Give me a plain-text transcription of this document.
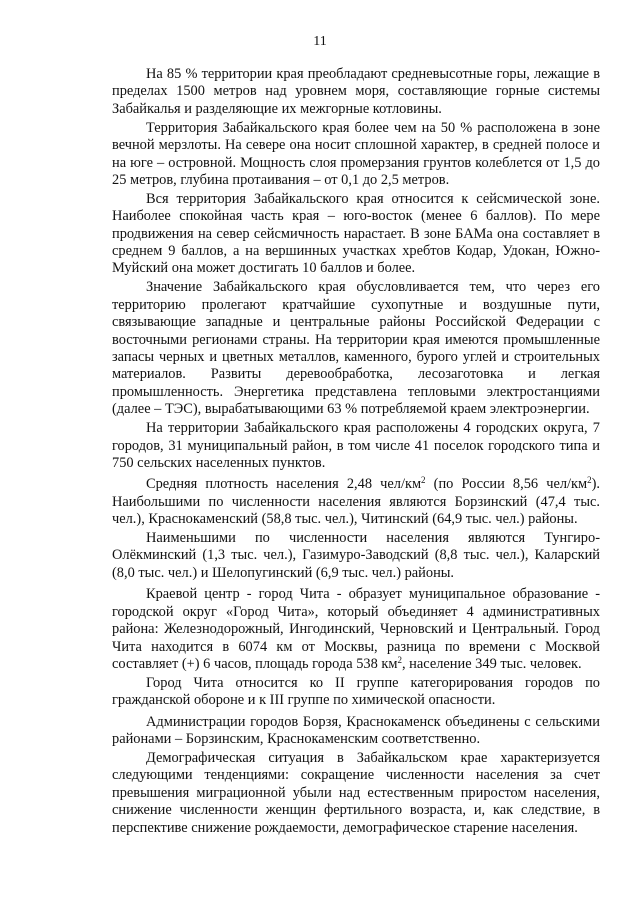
11

На 85 % территории края преобладают средневысотные горы, лежащие в пределах 1500 метров над уровнем моря, составляющие горные системы Забайкалья и разделяющие их межгорные котловины.

Территория Забайкальского края более чем на 50 % расположена в зоне вечной мерзлоты. На севере она носит сплошной характер, в средней полосе и на юге – островной. Мощность слоя промерзания грунтов колеблется от 1,5 до 25 метров, глубина протаивания – от 0,1 до 2,5 метров.

Вся территория Забайкальского края относится к сейсмической зоне. Наиболее спокойная часть края – юго-восток (менее 6 баллов). По мере продвижения на север сейсмичность нарастает. В зоне БАМа она составляет в среднем 9 баллов, а на вершинных участках хребтов Кодар, Удокан, Южно-Муйский она может достигать 10 баллов и более.

Значение Забайкальского края обусловливается тем, что через его территорию пролегают кратчайшие сухопутные и воздушные пути, связывающие западные и центральные районы Российской Федерации с восточными регионами страны. На территории края имеются промышленные запасы черных и цветных металлов, каменного, бурого углей и строительных материалов. Развиты деревообработка, лесозаготовка и легкая промышленность. Энергетика представлена тепловыми электростанциями (далее – ТЭС), вырабатывающими 63 % потребляемой краем электроэнергии.

На территории Забайкальского края расположены 4 городских округа, 7 городов, 31 муниципальный район, в том числе 41 поселок городского типа и 750 сельских населенных пунктов.

Средняя плотность населения 2,48 чел/$км^2$ (по России 8,56 чел/$км^2$). Наибольшими по численности населения являются Борзинский (47,4 тыс. чел.), Краснокаменский (58,8 тыс. чел.), Читинский (64,9 тыс. чел.) районы.

Наименьшими по численности населения являются Тунгиро-Олёкминский (1,3 тыс. чел.), Газимуро-Заводский (8,8 тыс. чел.), Каларский (8,0 тыс. чел.) и Шелопугинский (6,9 тыс. чел.) районы.

Краевой центр - город Чита - образует муниципальное образование - городской округ «Город Чита», который объединяет 4 административных района: Железнодорожный, Ингодинский, Черновский и Центральный. Город Чита находится в 6074 км от Москвы, разница по времени с Москвой составляет (+) 6 часов, площадь города 538 $км^2$, население 349 тыс. человек.

Город Чита относится ко II группе категорирования городов по гражданской обороне и к III группе по химической опасности.

Администрации городов Борзя, Краснокаменск объединены с сельскими районами – Борзинским, Краснокаменским соответственно.

Демографическая ситуация в Забайкальском крае характеризуется следующими тенденциями: сокращение численности населения за счет превышения миграционной убыли над естественным приростом населения, снижение численности женщин фертильного возраста, и, как следствие, в перспективе снижение рождаемости, демографическое старение населения.
